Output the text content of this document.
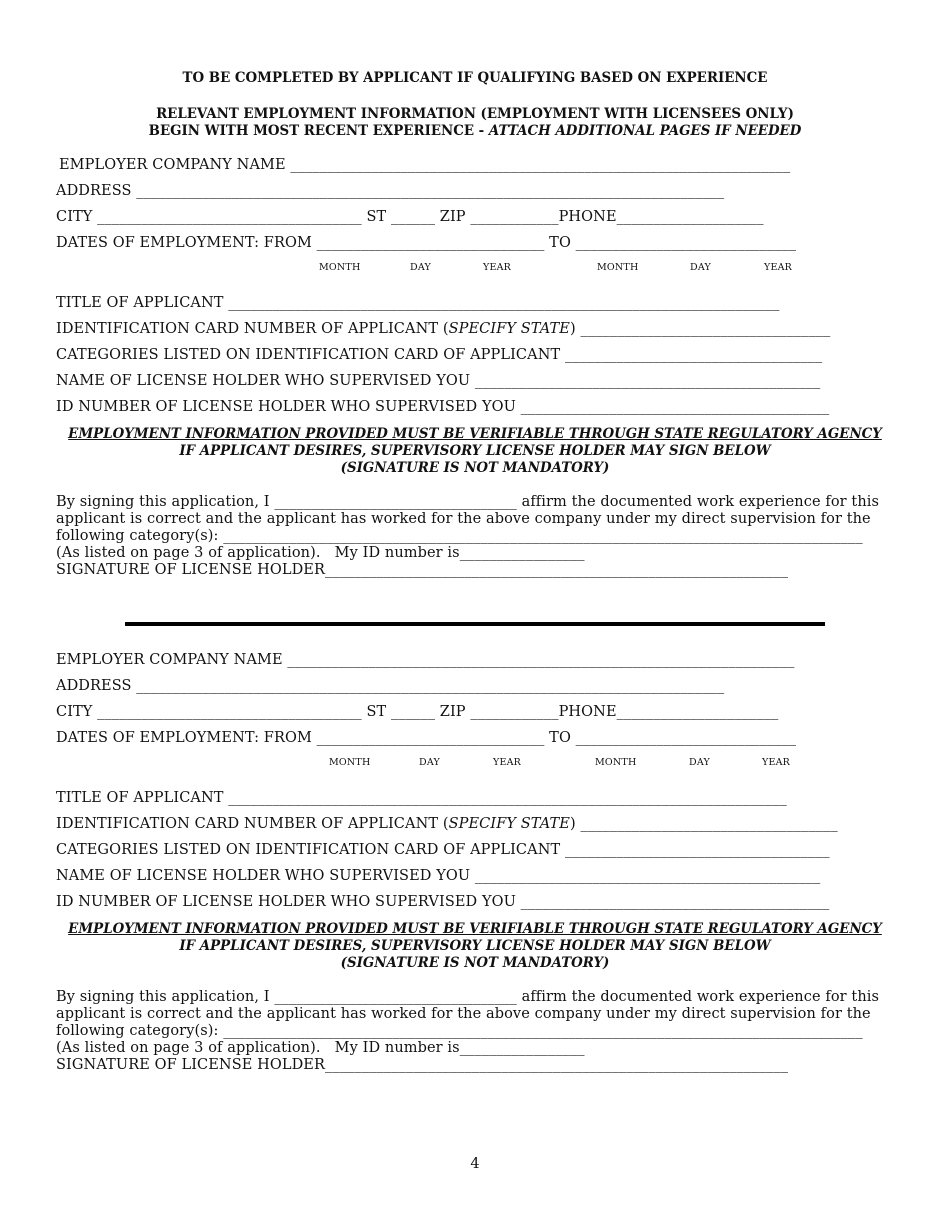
TO BE COMPLETED BY APPLICANT IF QUALIFYING BASED ON EXPERIENCE
RELEVANT EMPLOYMENT INFORMATION (EMPLOYMENT WITH LICENSEES ONLY)
BEGIN WITH MOST RECENT EXPERIENCE - ATTACH ADDITIONAL PAGES IF NEEDED
EMPLOYER COMPANY NAME ____________________________________________________________________
ADDRESS ________________________________________________________________________________
CITY ____________________________________ ST ______ ZIP ____________PHONE____________________
DATES OF EMPLOYMENT: FROM _______________________________ TO ______________________________
MONTH	DAY	YEAR	MONTH	DAY	YEAR
TITLE OF APPLICANT ___________________________________________________________________________
IDENTIFICATION CARD NUMBER OF APPLICANT (SPECIFY STATE) __________________________________
CATEGORIES LISTED ON IDENTIFICATION CARD OF APPLICANT ___________________________________
NAME OF LICENSE HOLDER WHO SUPERVISED YOU _______________________________________________
ID NUMBER OF LICENSE HOLDER WHO SUPERVISED YOU __________________________________________
EMPLOYMENT INFORMATION PROVIDED MUST BE VERIFIABLE THROUGH STATE REGULATORY AGENCY
IF APPLICANT DESIRES, SUPERVISORY LICENSE HOLDER MAY SIGN BELOW
(SIGNATURE IS NOT MANDATORY)
By signing this application, I _________________________________ affirm the documented work experience for this
applicant is correct and the applicant has worked for the above company under my direct supervision for the
following category(s): _______________________________________________________________________________________
(As listed on page 3 of application).   My ID number is_________________
SIGNATURE OF LICENSE HOLDER_______________________________________________________________
EMPLOYER COMPANY NAME _____________________________________________________________________
ADDRESS ________________________________________________________________________________
CITY ____________________________________ ST ______ ZIP ____________PHONE______________________
DATES OF EMPLOYMENT: FROM _______________________________ TO ______________________________
MONTH	DAY	YEAR	MONTH	DAY	YEAR
TITLE OF APPLICANT ____________________________________________________________________________
IDENTIFICATION CARD NUMBER OF APPLICANT (SPECIFY STATE) ___________________________________
CATEGORIES LISTED ON IDENTIFICATION CARD OF APPLICANT ____________________________________
NAME OF LICENSE HOLDER WHO SUPERVISED YOU _______________________________________________
ID NUMBER OF LICENSE HOLDER WHO SUPERVISED YOU __________________________________________
EMPLOYMENT INFORMATION PROVIDED MUST BE VERIFIABLE THROUGH STATE REGULATORY AGENCY
IF APPLICANT DESIRES, SUPERVISORY LICENSE HOLDER MAY SIGN BELOW
(SIGNATURE IS NOT MANDATORY)
By signing this application, I _________________________________ affirm the documented work experience for this
applicant is correct and the applicant has worked for the above company under my direct supervision for the
following category(s): _______________________________________________________________________________________
(As listed on page 3 of application).   My ID number is_________________
SIGNATURE OF LICENSE HOLDER_______________________________________________________________
4
